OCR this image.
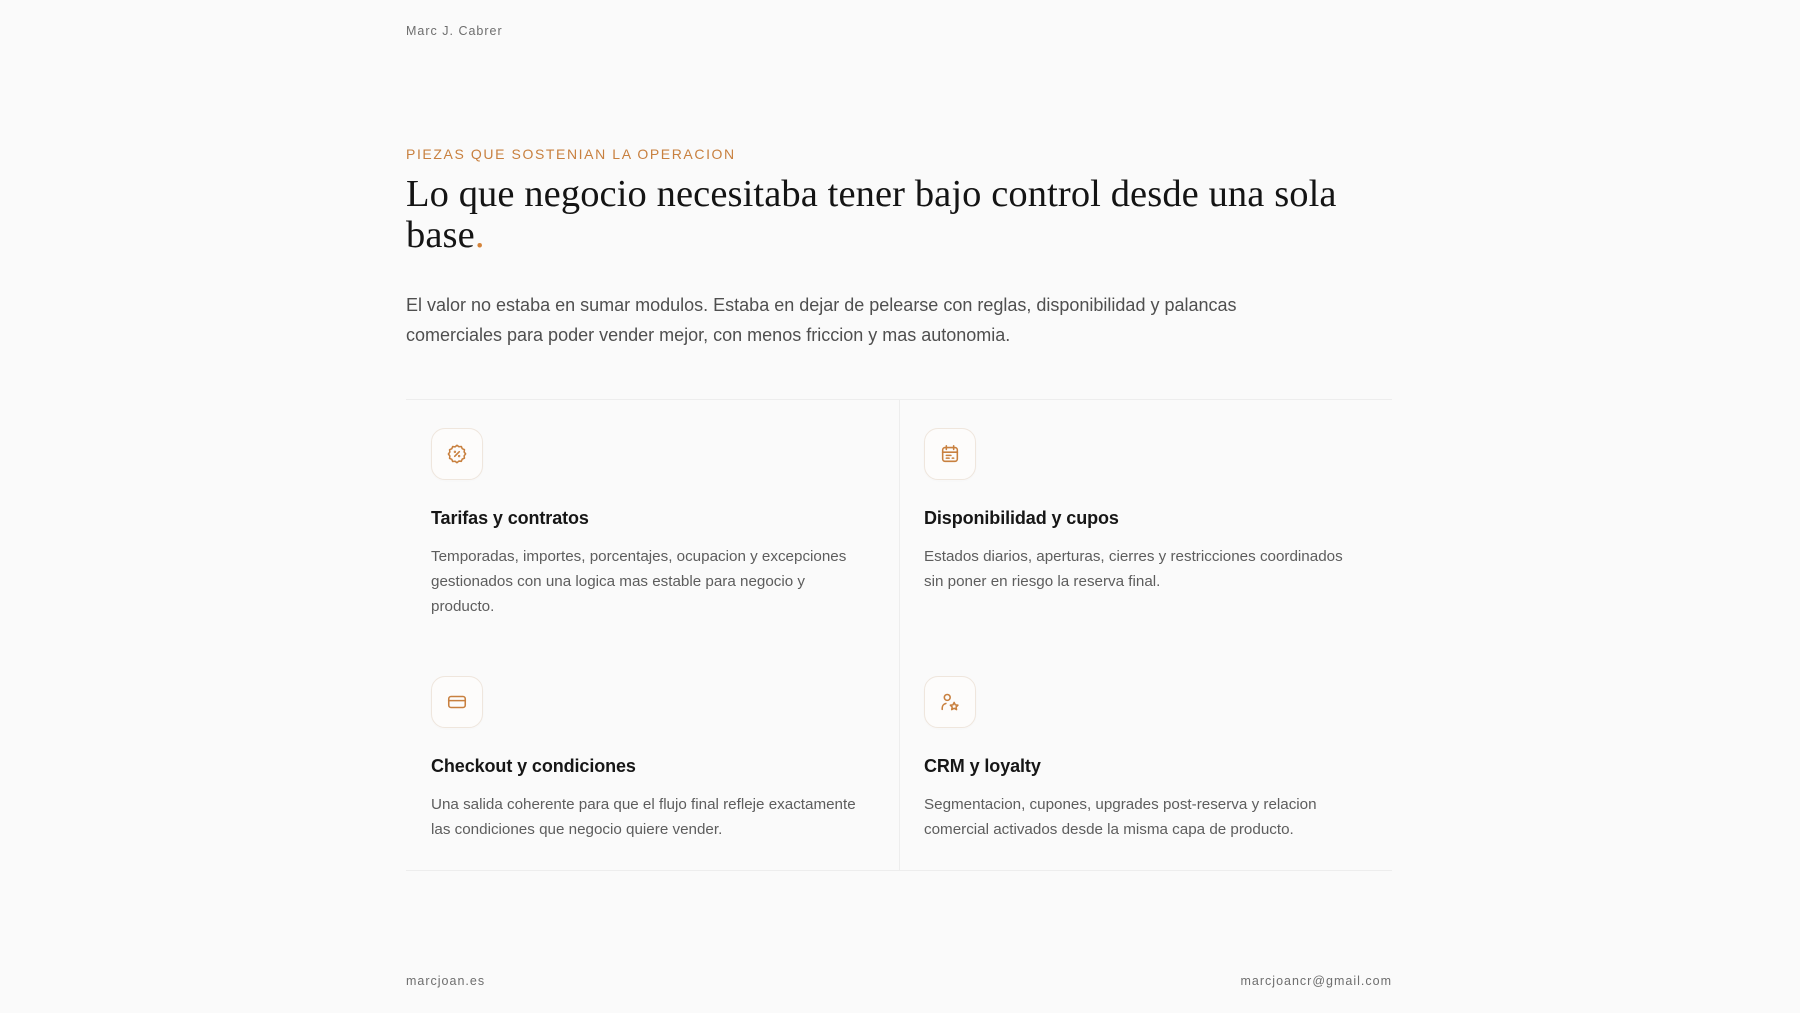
Marc J. Cabrer
PIEZAS QUE SOSTENIAN LA OPERACION
Lo que negocio necesitaba tener bajo control desde una sola base.

El valor no estaba en sumar modulos. Estaba en dejar de pelearse con reglas, disponibilidad y palancas comerciales para poder vender mejor, con menos friccion y mas autonomia.

Tarifas y contratos

Temporadas, importes, porcentajes, ocupacion y excepciones gestionados con una logica mas estable para negocio y producto.

Disponibilidad y cupos

Estados diarios, aperturas, cierres y restricciones coordinados sin poner en riesgo la reserva final.

Checkout y condiciones

Una salida coherente para que el flujo final refleje exactamente las condiciones que negocio quiere vender.

CRM y loyalty

Segmentacion, cupones, upgrades post-reserva y relacion comercial activados desde la misma capa de producto.

marcjoan.es	marcjoancr@gmail.com
